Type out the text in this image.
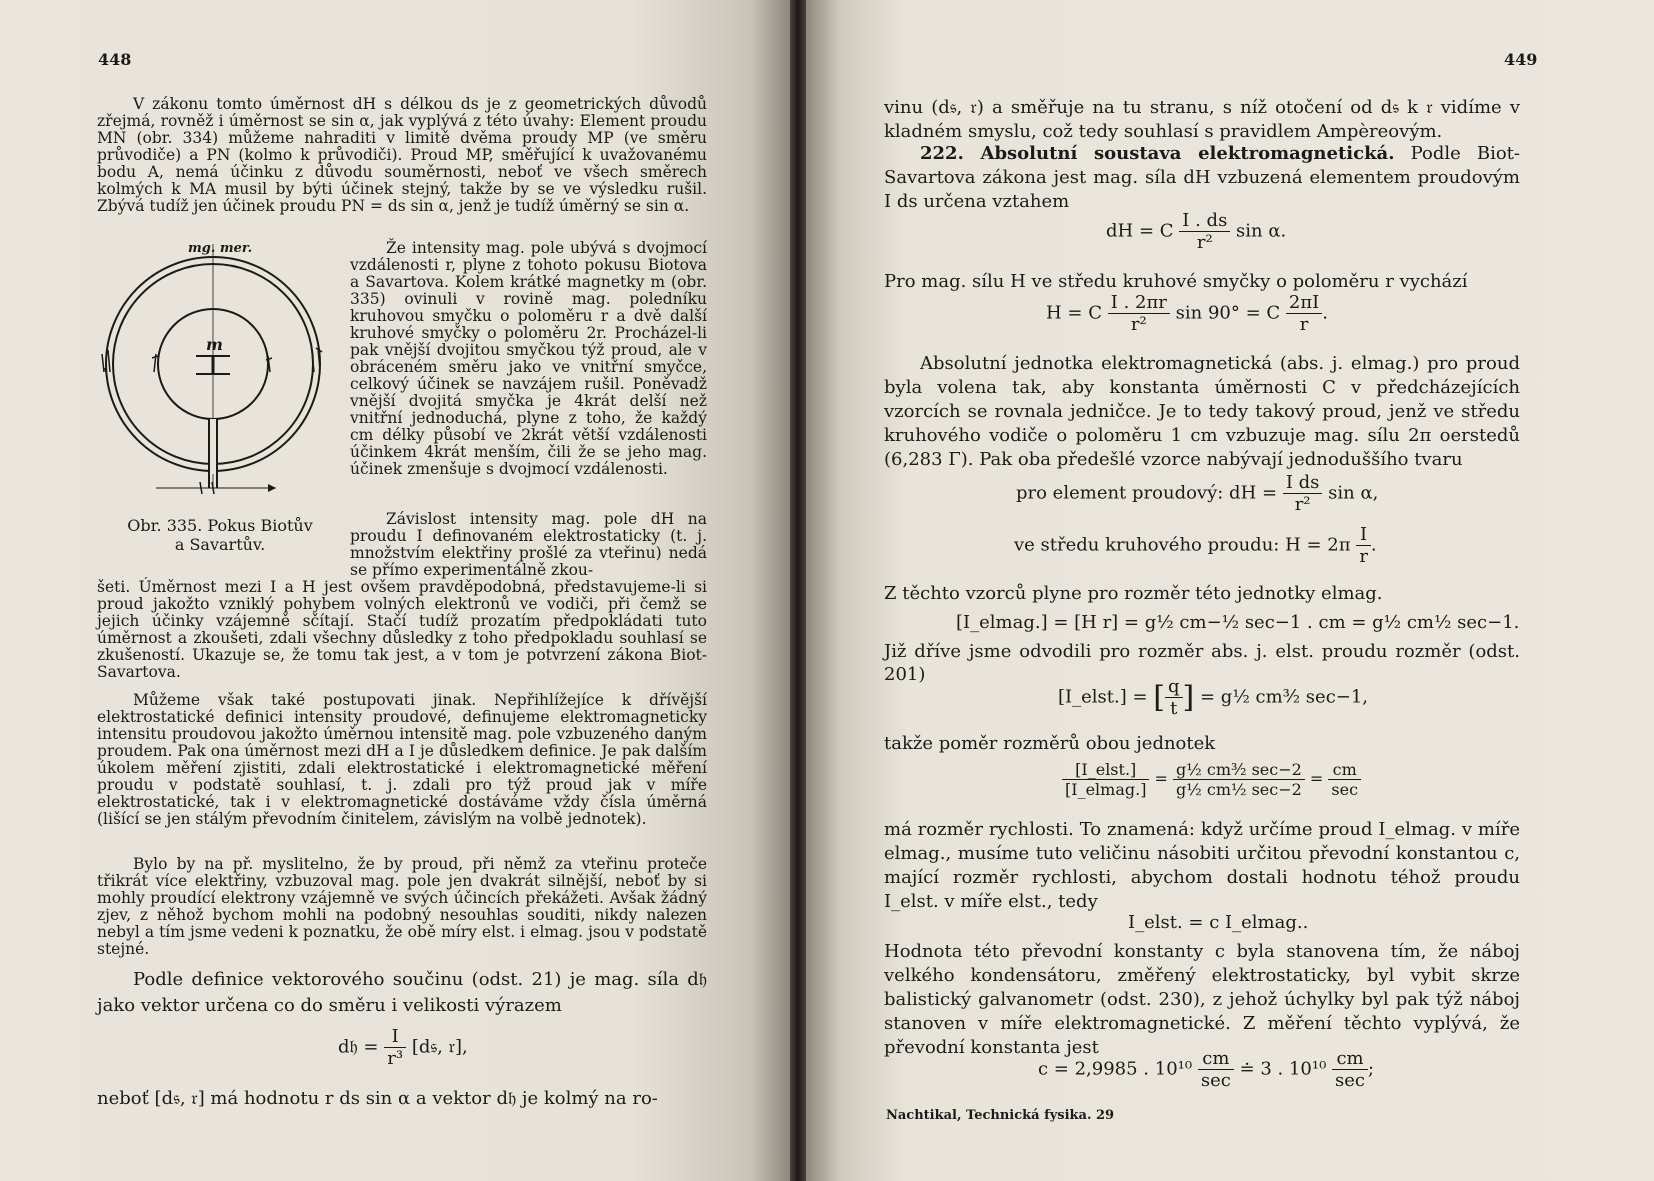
448
V zákonu tomto úměrnost dH s délkou ds je z geometrických důvodů zřejmá, rovněž i úměrnost se sin α, jak vyplývá z této úvahy: Element proudu MN (obr. 334) můžeme nahraditi v limitě dvěma proudy MP (ve směru průvodiče) a PN (kolmo k průvodiči). Proud MP, směřující k uvažovanému bodu A, nemá účinku z důvodu souměrnosti, neboť ve všech směrech kolmých k MA musil by býti účinek stejný, takže by se ve výsledku rušil. Zbývá tudíž jen účinek proudu PN = ds sin α, jenž je tudíž úměrný se sin α.
mg. mer.
m
Obr. 335. Pokus Biotův
a Savartův.
Že intensity mag. pole ubývá s dvojmocí vzdálenosti r, plyne z tohoto pokusu Biotova a Savartova. Kolem krátké magnetky m (obr. 335) ovinuli v rovině mag. poledníku kruhovou smyčku o poloměru r a dvě další kruhové smyčky o poloměru 2r. Procházel-li pak vnější dvojitou smyčkou týž proud, ale v obráceném směru jako ve vnitřní smyčce, celkový účinek se navzájem rušil. Poněvadž vnější dvojitá smyčka je 4krát delší než vnitřní jednoduchá, plyne z toho, že každý cm délky působí ve 2krát větší vzdálenosti účinkem 4krát menším, čili že se jeho mag. účinek zmenšuje s dvojmocí vzdálenosti.
Závislost intensity mag. pole dH na proudu I definovaném elektrostaticky (t. j. množstvím elektřiny prošlé za vteřinu) nedá se přímo experimentálně zkou-
šeti. Úměrnost mezi I a H jest ovšem pravděpodobná, představujeme-li si proud jakožto vzniklý pohybem volných elektronů ve vodiči, při čemž se jejich účinky vzájemně sčítají. Stačí tudíž prozatím předpokládati tuto úměrnost a zkoušeti, zdali všechny důsledky z toho předpokladu souhlasí se zkušeností. Ukazuje se, že tomu tak jest, a v tom je potvrzení zákona Biot-Savartova.
Můžeme však také postupovati jinak. Nepřihlížejíce k dřívější elektrostatické definici intensity proudové, definujeme elektromagneticky intensitu proudovou jakožto úměrnou intensitě mag. pole vzbuzeného daným proudem. Pak ona úměrnost mezi dH a I je důsledkem definice. Je pak dalším úkolem měření zjistiti, zdali elektrostatické i elektromagnetické měření proudu v podstatě souhlasí, t. j. zdali pro týž proud jak v míře elektrostatické, tak i v elektromagnetické dostáváme vždy čísla úměrná (lišící se jen stálým převodním činitelem, závislým na volbě jednotek).
Bylo by na př. myslitelno, že by proud, při němž za vteřinu proteče třikrát více elektřiny, vzbuzoval mag. pole jen dvakrát silnější, neboť by si mohly proudící elektrony vzájemně ve svých účincích překážeti. Avšak žádný zjev, z něhož bychom mohli na podobný nesouhlas souditi, nikdy nalezen nebyl a tím jsme vedeni k poznatku, že obě míry elst. i elmag. jsou v podstatě stejné.
Podle definice vektorového součinu (odst. 21) je mag. síla d𝔥 jako vektor určena co do směru i velikosti výrazem
d𝔥 = $\frac{I}{\text{r³}}$ [d𝔰, 𝔯],
neboť [d𝔰, 𝔯] má hodnotu r ds sin α a vektor d𝔥 je kolmý na ro-
449
vinu (d𝔰, 𝔯) a směřuje na tu stranu, s níž otočení od d𝔰 k 𝔯 vidíme v kladném smyslu, což tedy souhlasí s pravidlem Ampèreovým.
222. Absolutní soustava elektromagnetická. Podle Biot-Savartova zákona jest mag. síla dH vzbuzená elementem proudovým I ds určena vztahem
dH = C $\frac{I . ds}{\text{r²}}$ sin α.
Pro mag. sílu H ve středu kruhové smyčky o poloměru r vychází
H = C $\frac{I . 2\pi r}{\text{r²}}$ sin 90° = C $\frac{2\pi I}{r}$ .
Absolutní jednotka elektromagnetická (abs. j. elmag.) pro proud byla volena tak, aby konstanta úměrnosti C v předcházejících vzorcích se rovnala jedničce. Je to tedy takový proud, jenž ve středu kruhového vodiče o poloměru 1 cm vzbuzuje mag. sílu 2π oerstedů (6,283 Γ). Pak oba předešlé vzorce nabývají jednoduššího tvaru
pro element proudový: dH = $\frac{\text{I ds}}{\text{r²}}$ sin α,
ve středu kruhového proudu: $H = 2\pi \frac{I}{r}$ .
Z těchto vzorců plyne pro rozměr této jednotky elmag.
[I_elmag.] = [H r] = g½ cm−½ sec−1 . cm = g½ cm½ sec−1.
Již dříve jsme odvodili pro rozměr abs. j. elst. proudu rozměr (odst. 201)
[I_elst.] = [ $\frac{q}{t}$ ] = g½ cm³⁄₂ sec−1,
takže poměr rozměrů obou jednotek
$\frac{\text{[I\_elst.]}}{\text{[I\_elmag.]}} = \frac{\text{g½ cm³⁄₂ sec−2}}{\text{g½ cm½ sec−2}} = \frac{cm}{\sec}$
má rozměr rychlosti. To znamená: když určíme proud I_elmag. v míře elmag., musíme tuto veličinu násobiti určitou převodní konstantou c, mající rozměr rychlosti, abychom dostali hodnotu téhož proudu I_elst. v míře elst., tedy
I_elst. = c I_elmag..
Hodnota této převodní konstanty c byla stanovena tím, že náboj velkého kondensátoru, změřený elektrostaticky, byl vybit skrze balistický galvanometr (odst. 230), z jehož úchylky byl pak týž náboj stanoven v míře elektromagnetické. Z měření těchto vyplývá, že převodní konstanta jest
c = 2,9985 . $10^{10} \frac{cm}{\sec}$ ≐ 3 . $10^{10} \frac{cm}{\sec}$ ;
Nachtikal, Technická fysika. 29
